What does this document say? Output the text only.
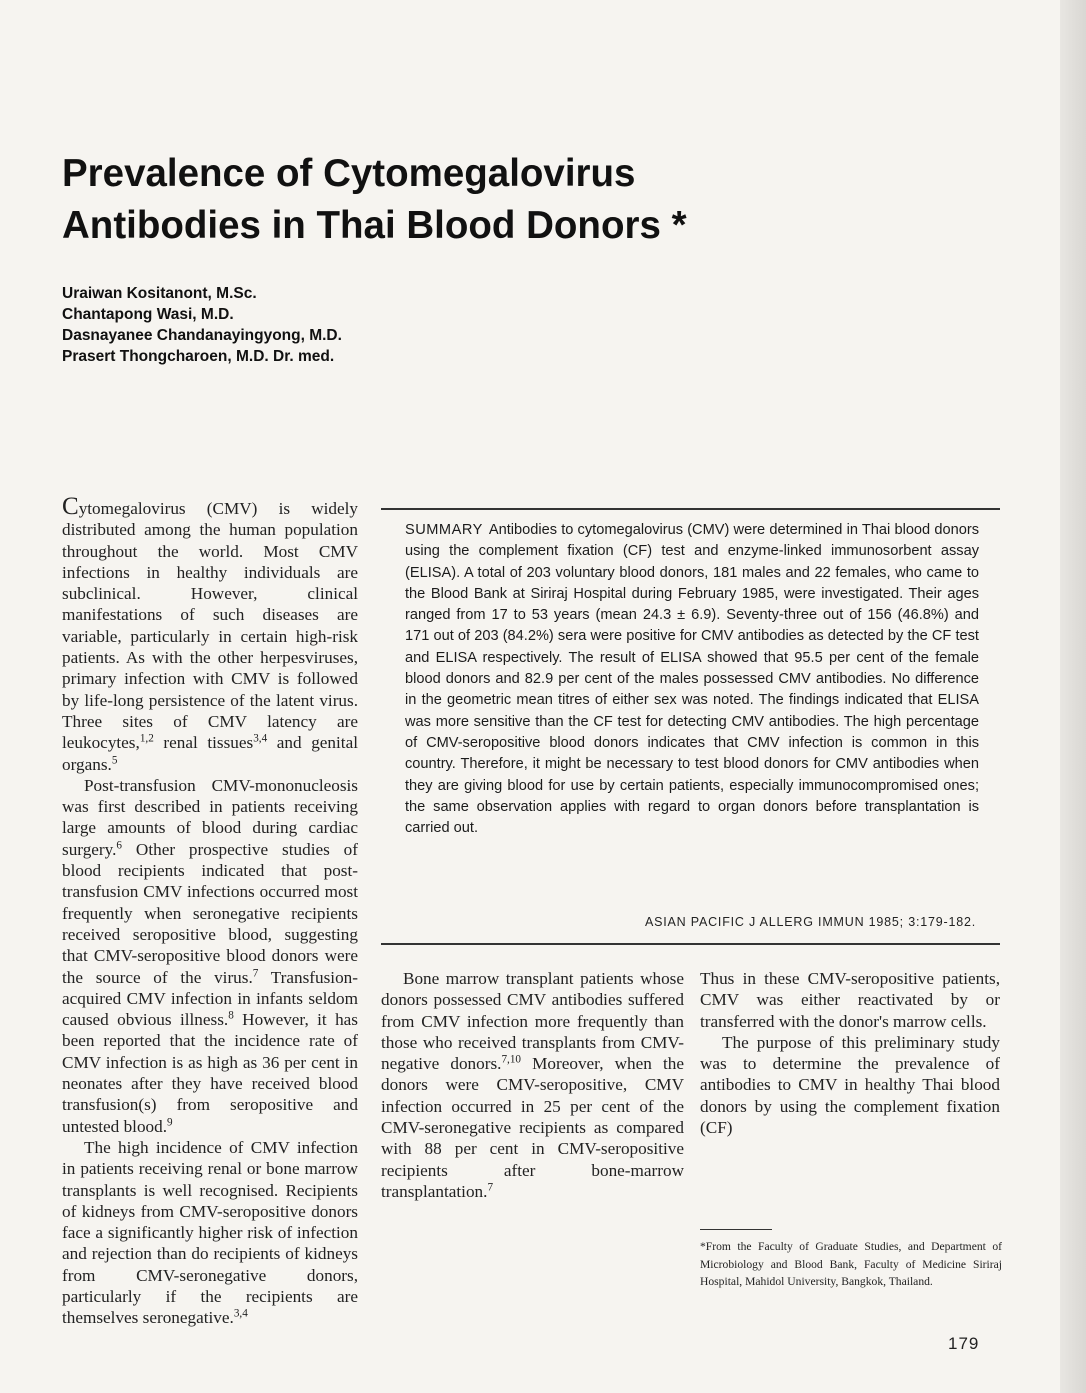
Prevalence of Cytomegalovirus Antibodies in Thai Blood Donors *
Uraiwan Kositanont, M.Sc.
Chantapong Wasi, M.D.
Dasnayanee Chandanayingyong, M.D.
Prasert Thongcharoen, M.D. Dr. med.

Cytomegalovirus (CMV) is widely distributed among the human population throughout the world. Most CMV infections in healthy individuals are subclinical. However, clinical manifestations of such diseases are variable, particularly in certain high-risk patients. As with the other herpesviruses, primary infection with CMV is followed by life-long persistence of the latent virus. Three sites of CMV latency are leukocytes,$^{1,2}$ renal tissues$^{3,4}$ and genital organs.$^5$

Post-transfusion CMV-mononucleosis was first described in patients receiving large amounts of blood during cardiac surgery.$^6$ Other prospective studies of blood recipients indicated that post-transfusion CMV infections occurred most frequently when seronegative recipients received seropositive blood, suggesting that CMV-seropositive blood donors were the source of the virus.$^7$ Transfusion-acquired CMV infection in infants seldom caused obvious illness.$^8$ However, it has been reported that the incidence rate of CMV infection is as high as 36 per cent in neonates after they have received blood transfusion(s) from seropositive and untested blood.$^9$

The high incidence of CMV infection in patients receiving renal or bone marrow transplants is well recognised. Recipients of kidneys from CMV-seropositive donors face a significantly higher risk of infection and rejection than do recipients of kidneys from CMV-seronegative donors, particularly if the recipients are themselves seronegative.$^{3,4}$

SUMMARY Antibodies to cytomegalovirus (CMV) were determined in Thai blood donors using the complement fixation (CF) test and enzyme-linked immunosorbent assay (ELISA). A total of 203 voluntary blood donors, 181 males and 22 females, who came to the Blood Bank at Siriraj Hospital during February 1985, were investigated. Their ages ranged from 17 to 53 years (mean 24.3 ± 6.9). Seventy-three out of 156 (46.8%) and 171 out of 203 (84.2%) sera were positive for CMV antibodies as detected by the CF test and ELISA respectively. The result of ELISA showed that 95.5 per cent of the female blood donors and 82.9 per cent of the males possessed CMV antibodies. No difference in the geometric mean titres of either sex was noted. The findings indicated that ELISA was more sensitive than the CF test for detecting CMV antibodies. The high percentage of CMV-seropositive blood donors indicates that CMV infection is common in this country. Therefore, it might be necessary to test blood donors for CMV antibodies when they are giving blood for use by certain patients, especially immunocompromised ones; the same observation applies with regard to organ donors before transplantation is carried out.

ASIAN PACIFIC J ALLERG IMMUN 1985; 3:179-182.

Bone marrow transplant patients whose donors possessed CMV antibodies suffered from CMV infection more frequently than those who received transplants from CMV-negative donors.$^{7,10}$ Moreover, when the donors were CMV-seropositive, CMV infection occurred in 25 per cent of the CMV-seronegative recipients as compared with 88 per cent in CMV-seropositive recipients after bone-marrow transplantation.$^7$

Thus in these CMV-seropositive patients, CMV was either reactivated by or transferred with the donor's marrow cells.

The purpose of this preliminary study was to determine the prevalence of antibodies to CMV in healthy Thai blood donors by using the complement fixation (CF)

*From the Faculty of Graduate Studies, and Department of Microbiology and Blood Bank, Faculty of Medicine Siriraj Hospital, Mahidol University, Bangkok, Thailand.

179
